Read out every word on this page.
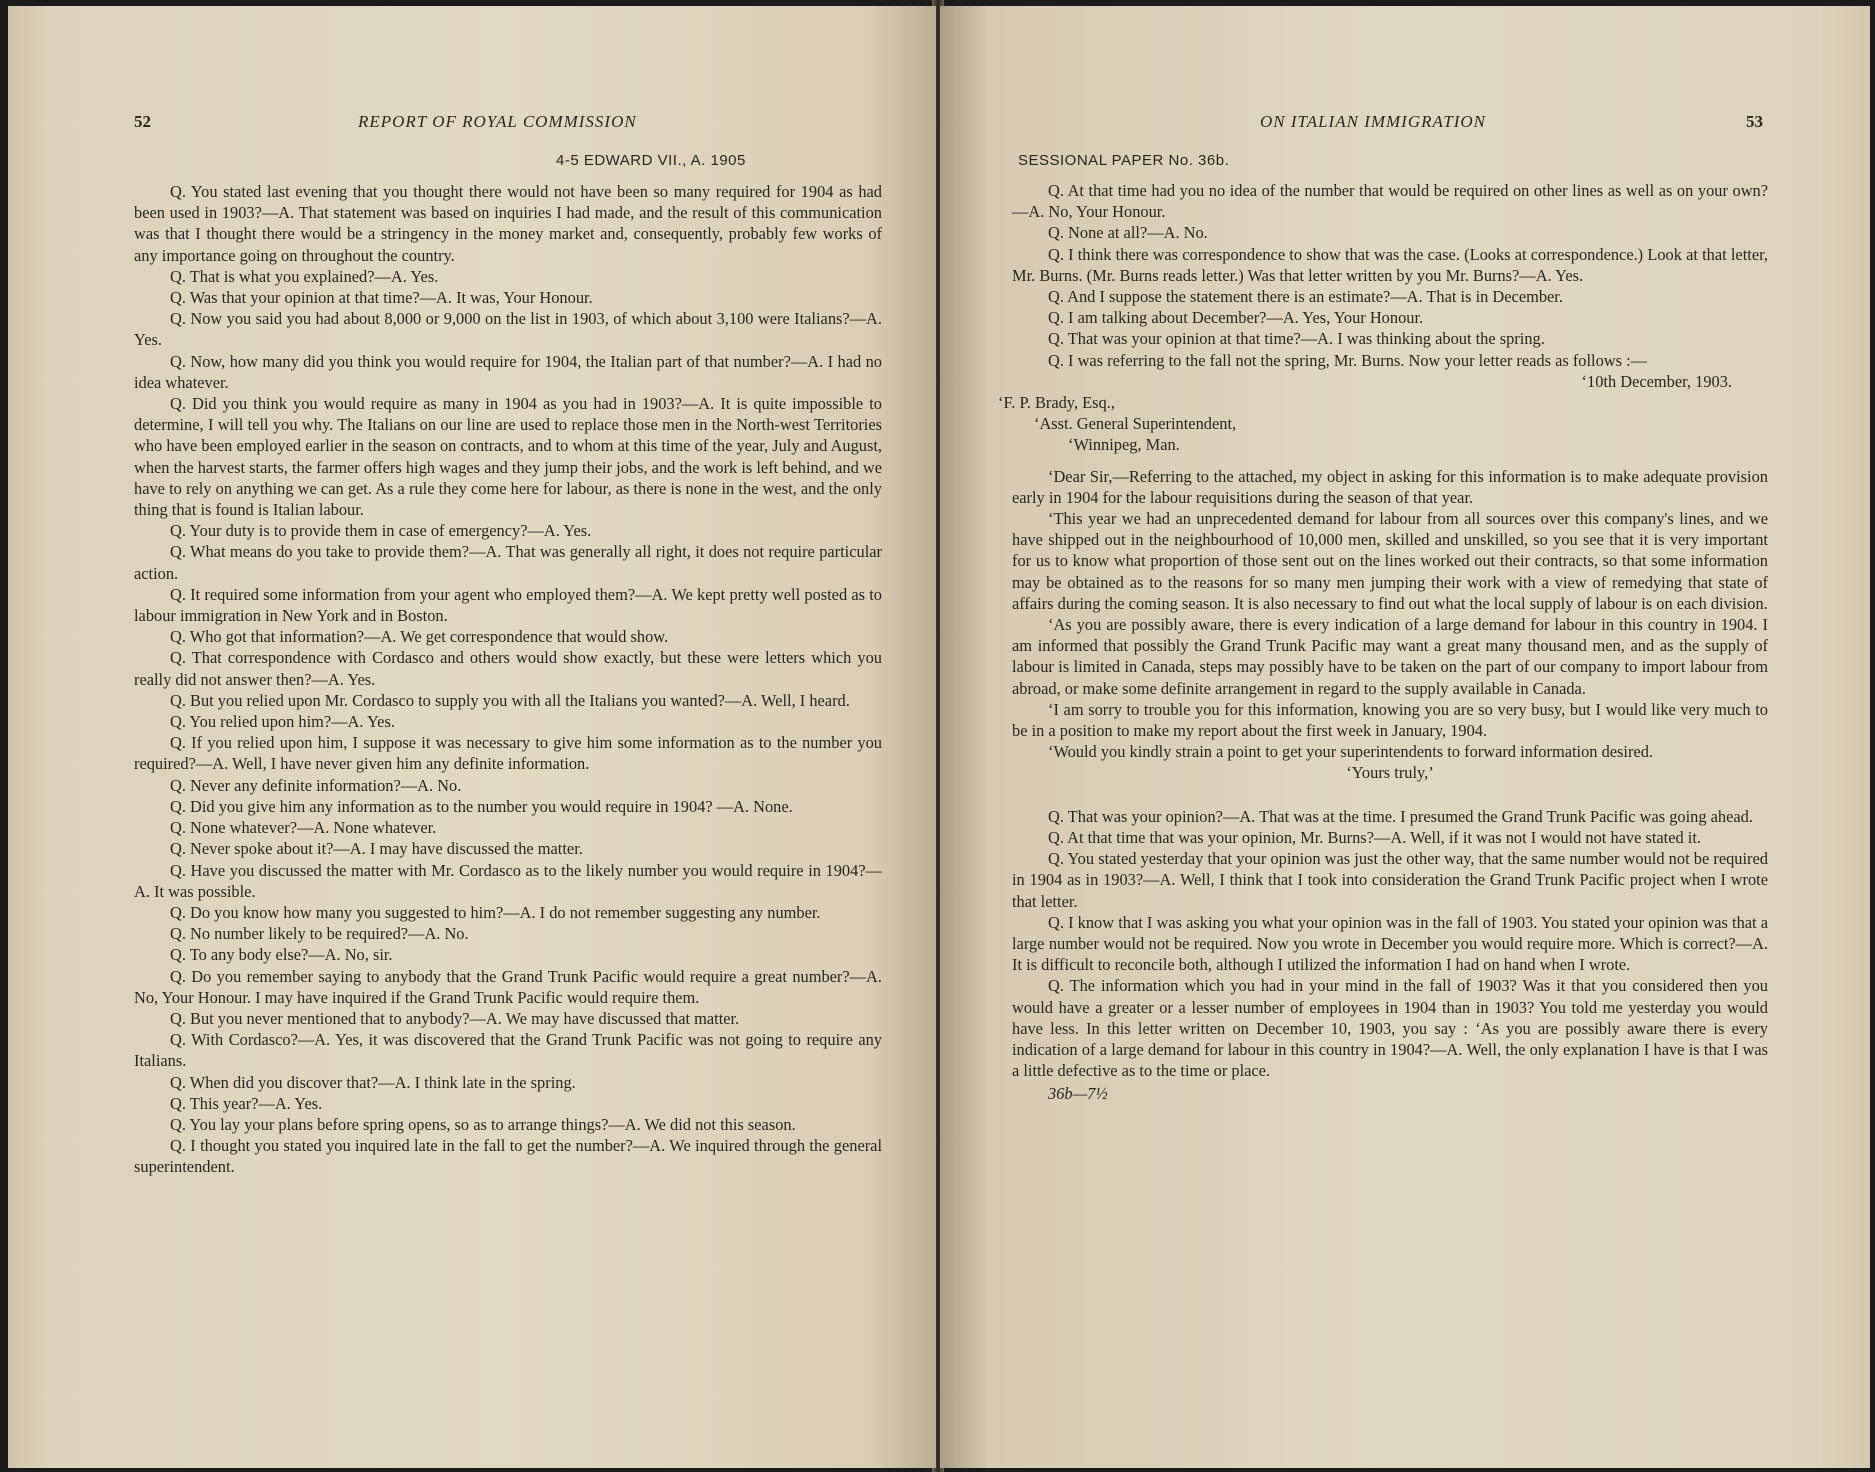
52	REPORT OF ROYAL COMMISSION
4-5 EDWARD VII., A. 1905

Q. You stated last evening that you thought there would not have been so many required for 1904 as had been used in 1903?—A. That statement was based on inquiries I had made, and the result of this communication was that I thought there would be a stringency in the money market and, consequently, probably few works of any importance going on throughout the country.

Q. That is what you explained?—A. Yes.

Q. Was that your opinion at that time?—A. It was, Your Honour.

Q. Now you said you had about 8,000 or 9,000 on the list in 1903, of which about 3,100 were Italians?—A. Yes.

Q. Now, how many did you think you would require for 1904, the Italian part of that number?—A. I had no idea whatever.

Q. Did you think you would require as many in 1904 as you had in 1903?—A. It is quite impossible to determine, I will tell you why. The Italians on our line are used to replace those men in the North-west Territories who have been employed earlier in the season on contracts, and to whom at this time of the year, July and August, when the harvest starts, the farmer offers high wages and they jump their jobs, and the work is left behind, and we have to rely on anything we can get. As a rule they come here for labour, as there is none in the west, and the only thing that is found is Italian labour.

Q. Your duty is to provide them in case of emergency?—A. Yes.

Q. What means do you take to provide them?—A. That was generally all right, it does not require particular action.

Q. It required some information from your agent who employed them?—A. We kept pretty well posted as to labour immigration in New York and in Boston.

Q. Who got that information?—A. We get correspondence that would show.

Q. That correspondence with Cordasco and others would show exactly, but these were letters which you really did not answer then?—A. Yes.

Q. But you relied upon Mr. Cordasco to supply you with all the Italians you wanted?—A. Well, I heard.

Q. You relied upon him?—A. Yes.

Q. If you relied upon him, I suppose it was necessary to give him some information as to the number you required?—A. Well, I have never given him any definite information.

Q. Never any definite information?—A. No.

Q. Did you give him any information as to the number you would require in 1904? —A. None.

Q. None whatever?—A. None whatever.

Q. Never spoke about it?—A. I may have discussed the matter.

Q. Have you discussed the matter with Mr. Cordasco as to the likely number you would require in 1904?—A. It was possible.

Q. Do you know how many you suggested to him?—A. I do not remember suggesting any number.

Q. No number likely to be required?—A. No.

Q. To any body else?—A. No, sir.

Q. Do you remember saying to anybody that the Grand Trunk Pacific would require a great number?—A. No, Your Honour. I may have inquired if the Grand Trunk Pacific would require them.

Q. But you never mentioned that to anybody?—A. We may have discussed that matter.

Q. With Cordasco?—A. Yes, it was discovered that the Grand Trunk Pacific was not going to require any Italians.

Q. When did you discover that?—A. I think late in the spring.

Q. This year?—A. Yes.

Q. You lay your plans before spring opens, so as to arrange things?—A. We did not this season.

Q. I thought you stated you inquired late in the fall to get the number?—A. We inquired through the general superintendent.

ON ITALIAN IMMIGRATION	53
SESSIONAL PAPER No. 36b.

Q. At that time had you no idea of the number that would be required on other lines as well as on your own?—A. No, Your Honour.

Q. None at all?—A. No.

Q. I think there was correspondence to show that was the case. (Looks at correspondence.) Look at that letter, Mr. Burns. (Mr. Burns reads letter.) Was that letter written by you Mr. Burns?—A. Yes.

Q. And I suppose the statement there is an estimate?—A. That is in December.

Q. I am talking about December?—A. Yes, Your Honour.

Q. That was your opinion at that time?—A. I was thinking about the spring.

Q. I was referring to the fall not the spring, Mr. Burns. Now your letter reads as follows :—

‘10th December, 1903.

‘F. P. Brady, Esq.,

‘Asst. General Superintendent,

‘Winnipeg, Man.

‘Dear Sir,—Referring to the attached, my object in asking for this information is to make adequate provision early in 1904 for the labour requisitions during the season of that year.

‘This year we had an unprecedented demand for labour from all sources over this company's lines, and we have shipped out in the neighbourhood of 10,000 men, skilled and unskilled, so you see that it is very important for us to know what proportion of those sent out on the lines worked out their contracts, so that some information may be obtained as to the reasons for so many men jumping their work with a view of remedying that state of affairs during the coming season. It is also necessary to find out what the local supply of labour is on each division.

‘As you are possibly aware, there is every indication of a large demand for labour in this country in 1904. I am informed that possibly the Grand Trunk Pacific may want a great many thousand men, and as the supply of labour is limited in Canada, steps may possibly have to be taken on the part of our company to import labour from abroad, or make some definite arrangement in regard to the supply available in Canada.

‘I am sorry to trouble you for this information, knowing you are so very busy, but I would like very much to be in a position to make my report about the first week in January, 1904.

‘Would you kindly strain a point to get your superintendents to forward information desired.

‘Yours truly,’

Q. That was your opinion?—A. That was at the time. I presumed the Grand Trunk Pacific was going ahead.

Q. At that time that was your opinion, Mr. Burns?—A. Well, if it was not I would not have stated it.

Q. You stated yesterday that your opinion was just the other way, that the same number would not be required in 1904 as in 1903?—A. Well, I think that I took into consideration the Grand Trunk Pacific project when I wrote that letter.

Q. I know that I was asking you what your opinion was in the fall of 1903. You stated your opinion was that a large number would not be required. Now you wrote in December you would require more. Which is correct?—A. It is difficult to reconcile both, although I utilized the information I had on hand when I wrote.

Q. The information which you had in your mind in the fall of 1903? Was it that you considered then you would have a greater or a lesser number of employees in 1904 than in 1903? You told me yesterday you would have less. In this letter written on December 10, 1903, you say : ‘As you are possibly aware there is every indication of a large demand for labour in this country in 1904?—A. Well, the only explanation I have is that I was a little defective as to the time or place.

36b—7½
